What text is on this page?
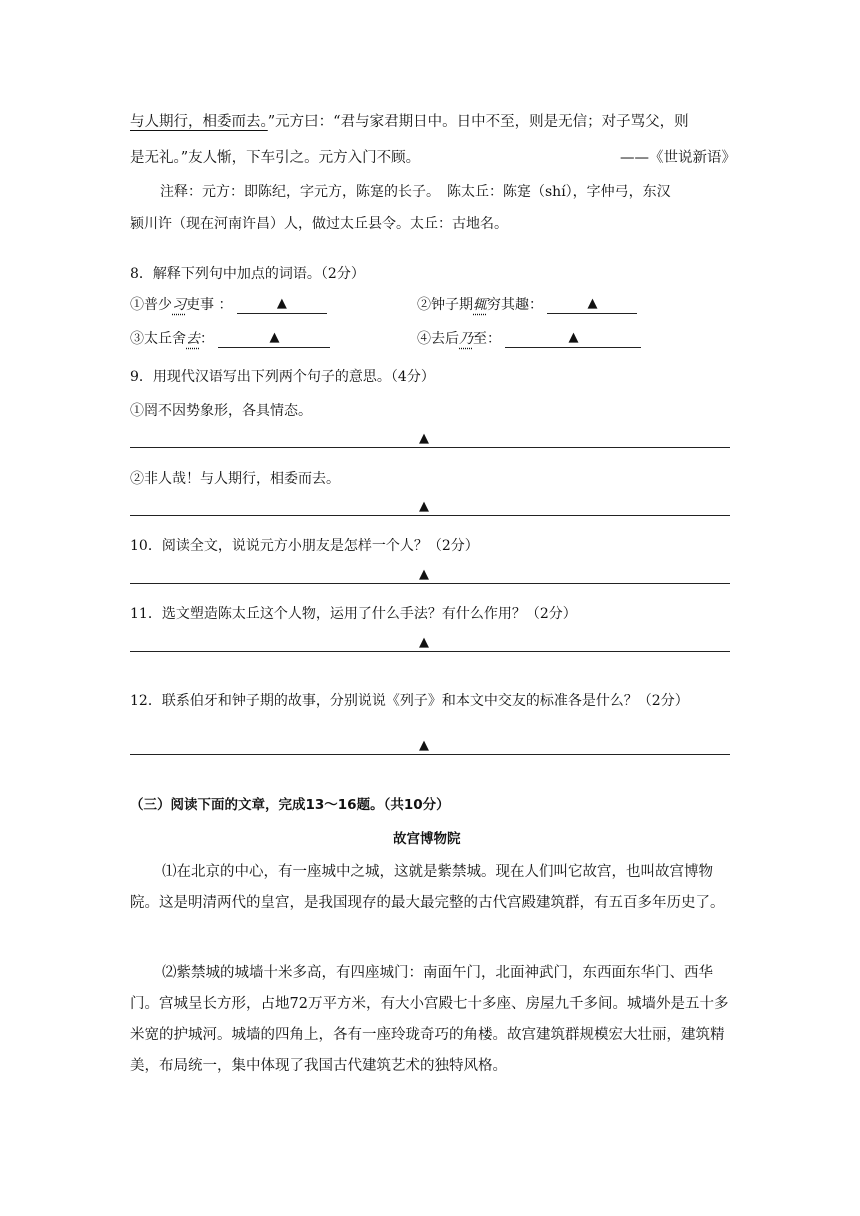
与人期行，相委而去。”元方曰：“君与家君期日中。日中不至，则是无信；对子骂父，则
是无礼。”友人惭，下车引之。元方入门不顾。	——《世说新语》
注释：元方：即陈纪，字元方，陈寔的长子。　陈太丘：陈寔（shí），字仲弓，东汉
颍川许（现在河南许昌）人，做过太丘县令。太丘：古地名。
8．解释下列句中加点的词语。（2分）
①普少习吏事 ：	▲	②钟子期辄穷其趣：	▲
③太丘舍去：	▲	④去后乃至：	▲
9．用现代汉语写出下列两个句子的意思。（4分）
①罔不因势象形，各具情态。
▲
②非人哉！与人期行，相委而去。
▲
10．阅读全文，说说元方小朋友是怎样一个人？（2分）
▲
11．选文塑造陈太丘这个人物，运用了什么手法？有什么作用？（2分）
▲
12．联系伯牙和钟子期的故事，分别说说《列子》和本文中交友的标准各是什么？（2分）
▲
（三）阅读下面的文章，完成13～16题。（共10分）
故宫博物院
⑴在北京的中心，有一座城中之城，这就是紫禁城。现在人们叫它故宫，也叫故宫博物院。这是明清两代的皇宫，是我国现存的最大最完整的古代宫殿建筑群，有五百多年历史了。
⑵紫禁城的城墙十米多高，有四座城门：南面午门，北面神武门，东西面东华门、西华门。宫城呈长方形，占地72万平方米，有大小宫殿七十多座、房屋九千多间。城墙外是五十多米宽的护城河。城墙的四角上，各有一座玲珑奇巧的角楼。故宫建筑群规模宏大壮丽，建筑精美，布局统一，集中体现了我国古代建筑艺术的独特风格。
